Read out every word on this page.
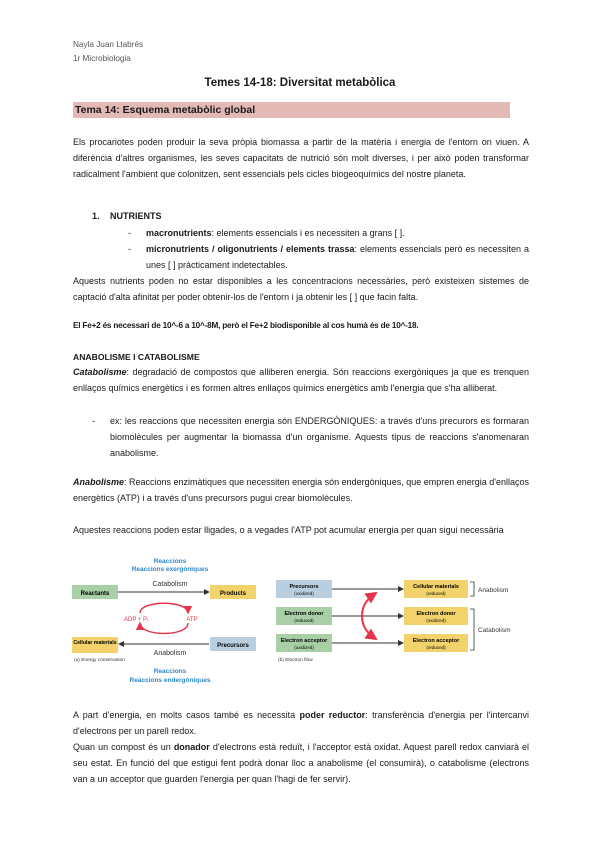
Nayla Juan Llabrés
1r Microbiologia
Temes 14-18: Diversitat metabòlica
Tema 14: Esquema metabòlic global
Els procariotes poden produir la seva pròpia biomassa a partir de la matèria i energia de l'entorn on viuen. A diferència d'altres organismes, les seves capacitats de nutrició són molt diverses, i per això poden transformar radicalment l'ambient que colonitzen, sent essencials pels cicles biogeoquímics del nostre planeta.
1. NUTRIENTS
- macronutrients: elements essencials i es necessiten a grans [ ].
- micronutrients / oligonutrients / elements trassa: elements essencials però es necessiten a unes [ ] pràcticament indetectables.
Aquests nutrients poden no estar disponibles a les concentracions necessàries, però existeixen sistemes de captació d'alta afinitat per poder obtenir-los de l'entorn i ja obtenir les [ ] que facin falta.
El Fe+2 és necessari de 10^-6 a 10^-8M, però el Fe+2 biodisponible al cos humà és de 10^-18.
ANABOLISME I CATABOLISME
Catabolisme: degradació de compostos que alliberen energia. Són reaccions exergòniques ja que es trenquen enllaços químics energètics i es formen altres enllaços químics energètics amb l'energia que s'ha alliberat.
- ex: les reaccions que necessiten energia són ENDERGÒNIQUES: a través d'uns precurors es formaran biomolècules per augmentar la biomassa d'un organisme. Aquests tipus de reaccions s'anomenaran anabolisme.
Anabolisme: Reaccions enzimàtiques que necessiten energia són endergòniques, que empren energia d'enllaços energètics (ATP) i a través d'uns precursors pugui crear biomolècules.
Aquestes reaccions poden estar lligades, o a vegades l'ATP pot acumular energia per quan sigui necessària
Reaccions
Reaccions exergòniques
Catabolism
Reactants	Products
ADP + Pᵢ	ATP
Cellular materials	Precursors
Anabolism
(a) Energy conservation
Reaccions
Reaccions endergòniques
Precursors
(oxidized)
Electron donor
(reduced)
Electron acceptor
(oxidized)
Cellular materials
(reduced)
Electron donor
(oxidized)
Electron acceptor
(reduced)
Anabolism
Catabolism
(b) Electron flow
A part d'energia, en molts casos també es necessita poder reductor: transferència d'energia per l'intercanvi d'electrons per un parell redox.
Quan un compost és un donador d'electrons està reduït, i l'acceptor està oxidat. Aquest parell redox canviarà el seu estat. En funció del que estigui fent podrà donar lloc a anabolisme (el consumirà), o catabolisme (electrons van a un acceptor que guarden l'energia per quan l'hagi de fer servir).
